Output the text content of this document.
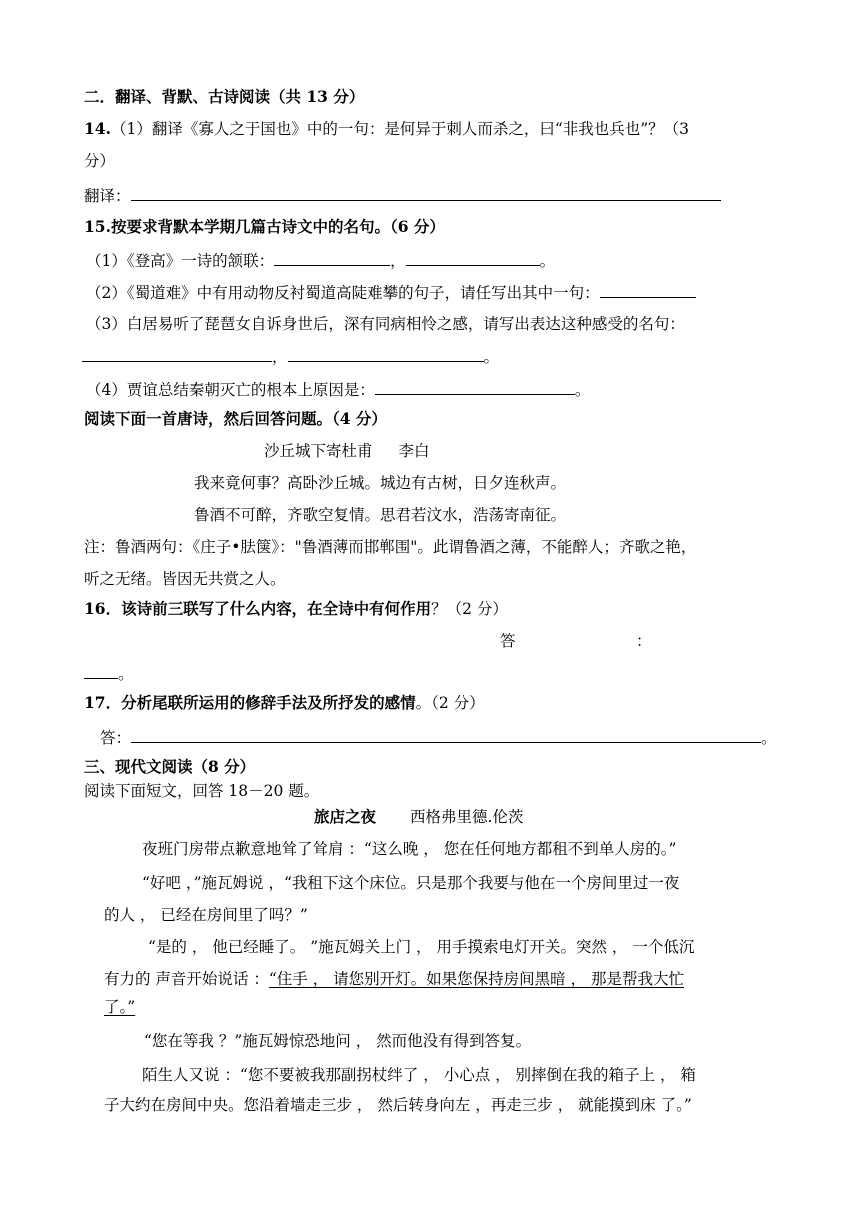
二．翻译、背默、古诗阅读（共 13 分）
14.（1）翻译《寡人之于国也》中的一句：是何异于刺人而杀之，曰“非我也兵也”？（3
分）
翻译：
15.按要求背默本学期几篇古诗文中的名句。（6 分）
（1）《登高》一诗的颔联：	，	。
（2）《蜀道难》中有用动物反衬蜀道高陡难攀的句子，请任写出其中一句：
（3）白居易听了琵琶女自诉身世后，深有同病相怜之感，请写出表达这种感受的名句：
，	。
（4）贾谊总结秦朝灭亡的根本上原因是：	。
阅读下面一首唐诗，然后回答问题。（4 分）
沙丘城下寄杜甫 李白
我来竟何事？高卧沙丘城。城边有古树，日夕连秋声。
鲁酒不可醉，齐歌空复情。思君若汶水，浩荡寄南征。
注：鲁酒两句：《庄子•胠箧》："鲁酒薄而邯郸围"。此谓鲁酒之薄，不能醉人；齐歌之艳，
听之无绪。皆因无共赏之人。
16．该诗前三联写了什么内容，在全诗中有何作用？（2 分）
答	：
。
17．分析尾联所运用的修辞手法及所抒发的感情。（2 分）
答：	。
三、现代文阅读（8 分）
阅读下面短文，回答 18－20 题。
旅店之夜 西格弗里德.伦茨
夜班门房带点歉意地耸了耸肩 ：“这么晚 ， 您在任何地方都租不到单人房的。”
“好吧 ，”施瓦姆说 ，“我租下这个床位。只是那个我要与他在一个房间里过一夜
的人 ， 已经在房间里了吗？”
“是的 ， 他已经睡了。 ”施瓦姆关上门 ， 用手摸索电灯开关。突然 ， 一个低沉
有力的 声音开始说话 ：“住手 ， 请您别开灯。如果您保持房间黑暗 ， 那是帮我大忙
了。”
“您在等我 ？”施瓦姆惊恐地问 ， 然而他没有得到答复。
陌生人又说 ：“您不要被我那副拐杖绊了 ， 小心点 ， 别摔倒在我的箱子上 ， 箱
子大约在房间中央。您沿着墙走三步 ， 然后转身向左 ，再走三步 ， 就能摸到床 了。”
